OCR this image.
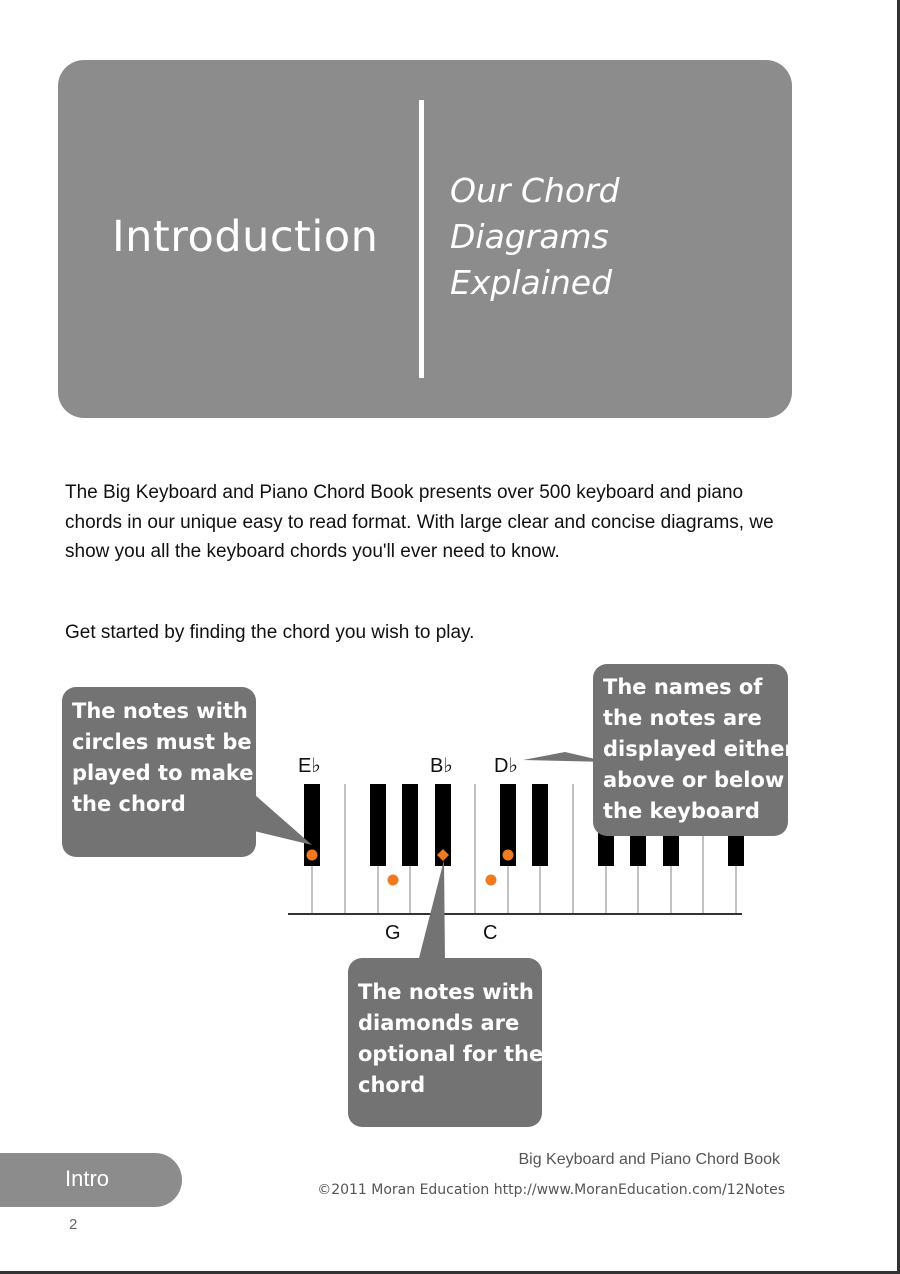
Introduction
Our Chord
Diagrams
Explained

The Big Keyboard and Piano Chord Book presents over 500 keyboard and piano chords in our unique easy to read format. With large clear and concise diagrams, we show you all the keyboard chords you'll ever need to know.

Get started by finding the chord you wish to play.

E♭	B♭ D♭
G	C
The notes with
circles must be
played to make
the chord
The names of
the notes are
displayed either
above or below
the keyboard
The notes with
diamonds are
optional for the
chord
Intro
Big Keyboard and Piano Chord Book
©2011 Moran Education http://www.MoranEducation.com/12Notes
2
